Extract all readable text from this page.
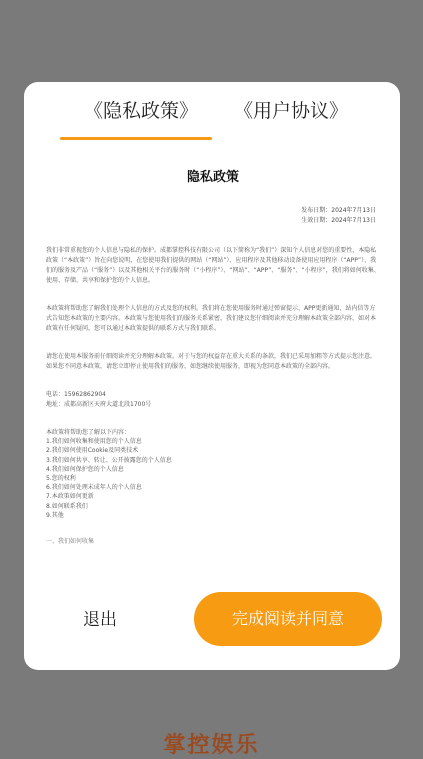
掌控娱乐
《隐私政策》 《用户协议》
隐私政策
发布日期：2024年7月13日
生效日期：2024年7月13日
我们非常重视您的个人信息与隐私的保护。成都掌控科技有限公司（以下简称为“我们”）深知个人信息对您的重要性，本隐私政策（“本政策”）旨在向您说明，在您使用我们提供的网站（“网站”）、应用程序及其他移动设备使用应用程序（“APP”）、我们的服务及产品（“服务”）以及其他相关平台的服务时（“小程序”）、“网站”、“APP”、“服务”、“小程序”，我们将如何收集、使用、存储、共享和保护您的个人信息。
本政策将帮助您了解我们处理个人信息的方式及您的权利。我们将在您使用服务时通过弹窗提示、APP更新通知、站内信等方式告知您本政策的主要内容。本政策与您使用我们的服务关系紧密，我们建议您仔细阅读并充分理解本政策全部内容。如对本政策有任何疑问，您可以通过本政策提供的联系方式与我们联系。
请您在使用本服务前仔细阅读并充分理解本政策。对于与您的权益存在重大关系的条款，我们已采用加粗等方式提示您注意。如果您不同意本政策，请您立即停止使用我们的服务。如您继续使用服务，即视为您同意本政策的全部内容。
电话：15962862904
地址：成都高新区天府大道北段1700号
本政策将帮助您了解以下内容：
1.我们如何收集和使用您的个人信息
2.我们如何使用Cookie及同类技术
3.我们如何共享、转让、公开披露您的个人信息
4.我们如何保护您的个人信息
5.您的权利
6.我们如何处理未成年人的个人信息
7.本政策如何更新
8.如何联系我们
9.其他
一、我们如何收集
退出	完成阅读并同意
